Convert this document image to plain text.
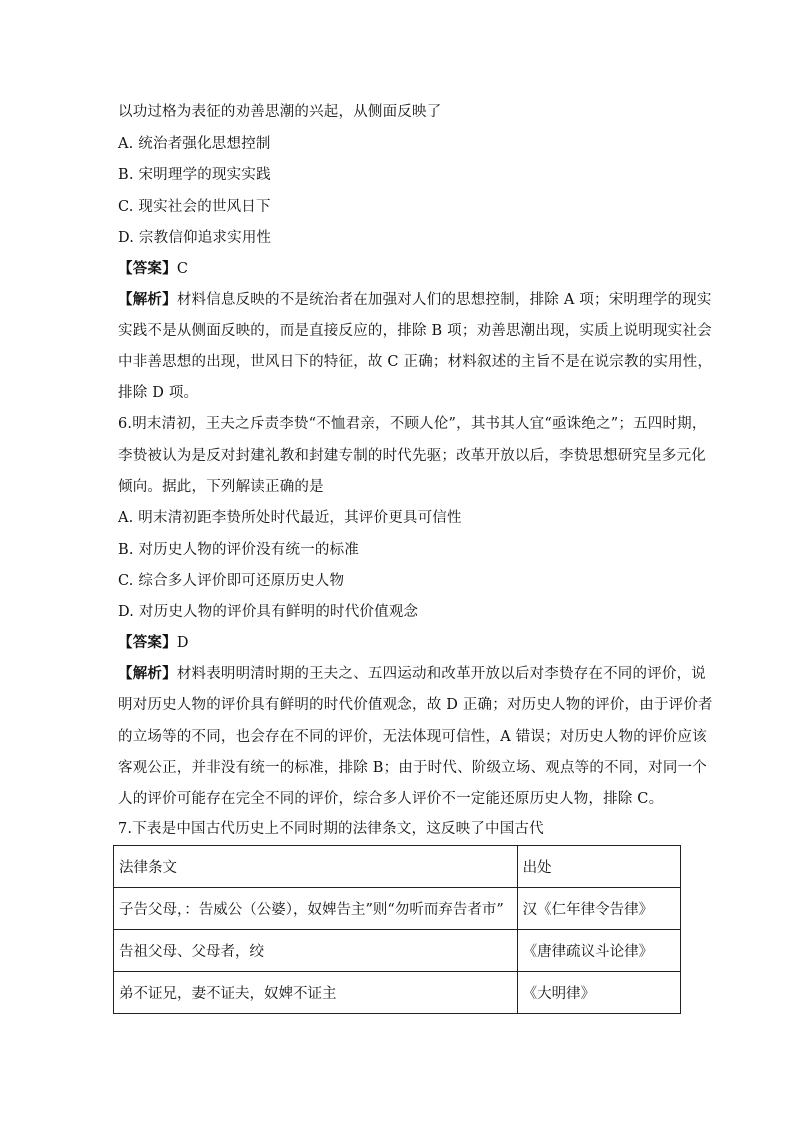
以功过格为表征的劝善思潮的兴起，从侧面反映了
A. 统治者强化思想控制
B. 宋明理学的现实实践
C. 现实社会的世风日下
D. 宗教信仰追求实用性
【答案】C
【解析】材料信息反映的不是统治者在加强对人们的思想控制，排除 A 项；宋明理学的现实
实践不是从侧面反映的，而是直接反应的，排除 B 项；劝善思潮出现，实质上说明现实社会
中非善思想的出现，世风日下的特征，故 C 正确；材料叙述的主旨不是在说宗教的实用性，
排除 D 项。
6.明末清初，王夫之斥责李贽“不恤君亲，不顾人伦”，其书其人宜“亟诛绝之”；五四时期，
李贽被认为是反对封建礼教和封建专制的时代先驱；改革开放以后，李贽思想研究呈多元化
倾向。据此，下列解读正确的是
A. 明末清初距李贽所处时代最近，其评价更具可信性
B. 对历史人物的评价没有统一的标准
C. 综合多人评价即可还原历史人物
D. 对历史人物的评价具有鲜明的时代价值观念
【答案】D
【解析】材料表明明清时期的王夫之、五四运动和改革开放以后对李贽存在不同的评价，说
明对历史人物的评价具有鲜明的时代价值观念，故 D 正确；对历史人物的评价，由于评价者
的立场等的不同，也会存在不同的评价，无法体现可信性，A 错误；对历史人物的评价应该
客观公正，并非没有统一的标准，排除 B；由于时代、阶级立场、观点等的不同，对同一个
人的评价可能存在完全不同的评价，综合多人评价不一定能还原历史人物，排除 C。
7.下表是中国古代历史上不同时期的法律条文，这反映了中国古代
法律条文	出处
子告父母，：告威公（公婆），奴婢告主”则“勿听而弃告者市”	汉《仁年律令告律》
告祖父母、父母者，绞	《唐律疏议斗论律》
弟不证兄，妻不证夫，奴婢不证主	《大明律》
